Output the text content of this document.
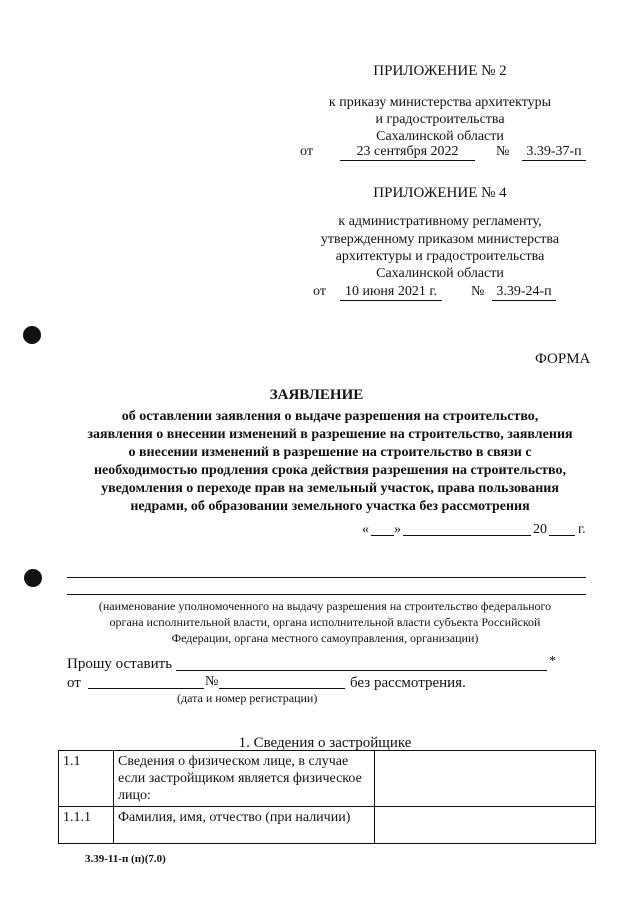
ПРИЛОЖЕНИЕ № 2
к приказу министерства архитектуры
и градостроительства
Сахалинской области
от	23 сентября 2022	№	3.39-37-п
ПРИЛОЖЕНИЕ № 4
к административному регламенту,
утвержденному приказом министерства
архитектуры и градостроительства
Сахалинской области
от	10 июня 2021 г.	№ 3.39-24-п
ФОРМА
ЗАЯВЛЕНИЕ
об оставлении заявления о выдаче разрешения на строительство,
заявления о внесении изменений в разрешение на строительство, заявления
о внесении изменений в разрешение на строительство в связи с
необходимостью продления срока действия разрешения на строительство,
уведомления о переходе прав на земельный участок, права пользования
недрами, об образовании земельного участка без рассмотрения
« »	20 г.
(наименование уполномоченного на выдачу разрешения на строительство федерального
органа исполнительной власти, органа исполнительной власти субъекта Российской
Федерации, органа местного самоуправления, организации)
Прошу оставить	*
от	№	без рассмотрения.
(дата и номер регистрации)
1. Сведения о застройщике
1.1	Сведения о физическом лице, в случае если застройщиком является физическое лицо:	
1.1.1	Фамилия, имя, отчество (при наличии)	
3.39-11-п (п)(7.0)
